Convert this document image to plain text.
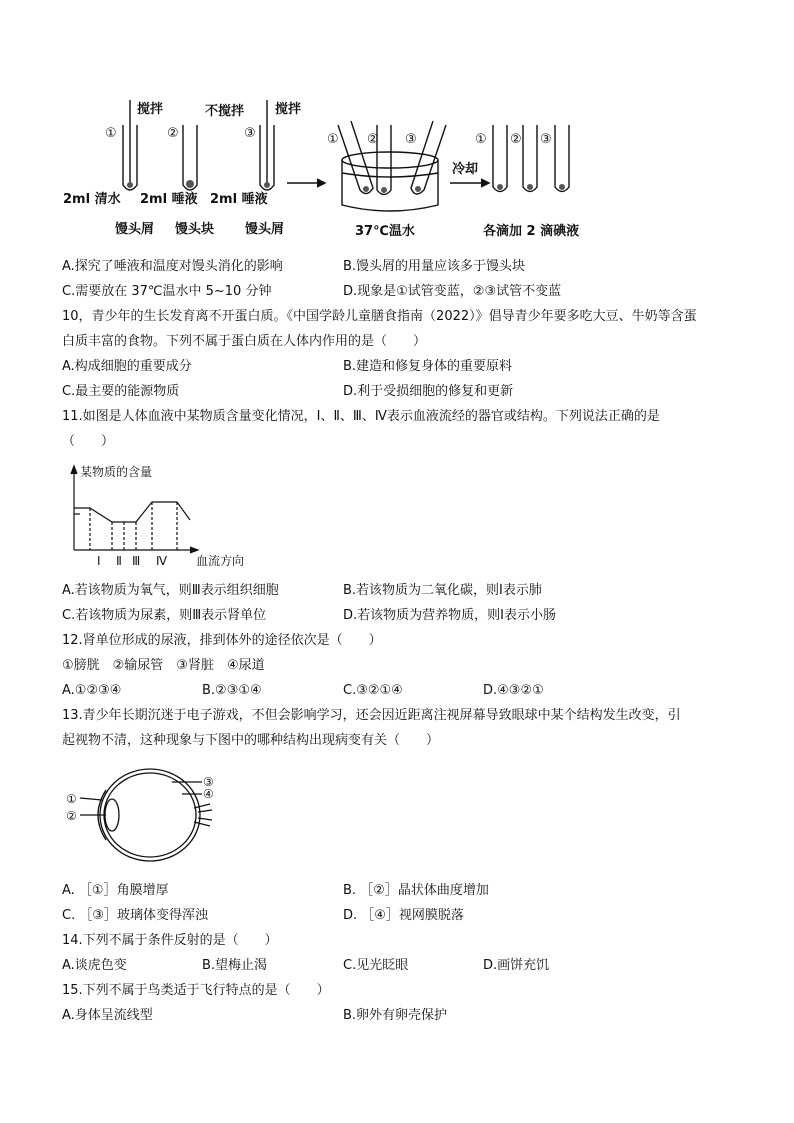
①	②	③
搅拌	不搅拌 搅拌
2ml 清水 2ml 唾液 2ml 唾液
馒头屑 馒头块 馒头屑	37℃温水
冷却
各滴加 2 滴碘液
① ② ③	① ② ③
A.探究了唾液和温度对馒头消化的影响	B.馒头屑的用量应该多于馒头块
C.需要放在 37℃温水中 5~10 分钟	D.现象是①试管变蓝，②③试管不变蓝
10，青少年的生长发育离不开蛋白质。《中国学龄儿童膳食指南（2022）》倡导青少年要多吃大豆、牛奶等含蛋
白质丰富的食物。下列不属于蛋白质在人体内作用的是（　　）
A.构成细胞的重要成分	B.建造和修复身体的重要原料
C.最主要的能源物质	D.利于受损细胞的修复和更新
11.如图是人体血液中某物质含量变化情况，Ⅰ、Ⅱ、Ⅲ、Ⅳ表示血液流经的器官或结构。下列说法正确的是
（　　）
某物质的含量
Ⅰ Ⅱ Ⅲ Ⅳ 血流方向
A.若该物质为氧气，则Ⅲ表示组织细胞	B.若该物质为二氧化碳，则Ⅰ表示肺
C.若该物质为尿素，则Ⅲ表示肾单位	D.若该物质为营养物质，则Ⅰ表示小肠
12.肾单位形成的尿液，排到体外的途径依次是（　　）
①膀胱　②输尿管　③肾脏　④尿道
A.①②③④	B.②③①④	C.③②①④	D.④③②①
13.青少年长期沉迷于电子游戏，不但会影响学习，还会因近距离注视屏幕导致眼球中某个结构发生改变，引
起视物不清，这种现象与下图中的哪种结构出现病变有关（　　）
①
②
③
④
A. ［①］角膜增厚	B. ［②］晶状体曲度增加
C. ［③］玻璃体变得浑浊	D. ［④］视网膜脱落
14.下列不属于条件反射的是（　　）
A.谈虎色变	B.望梅止渴	C.见光眨眼	D.画饼充饥
15.下列不属于鸟类适于飞行特点的是（　　）
A.身体呈流线型	B.卵外有卵壳保护
